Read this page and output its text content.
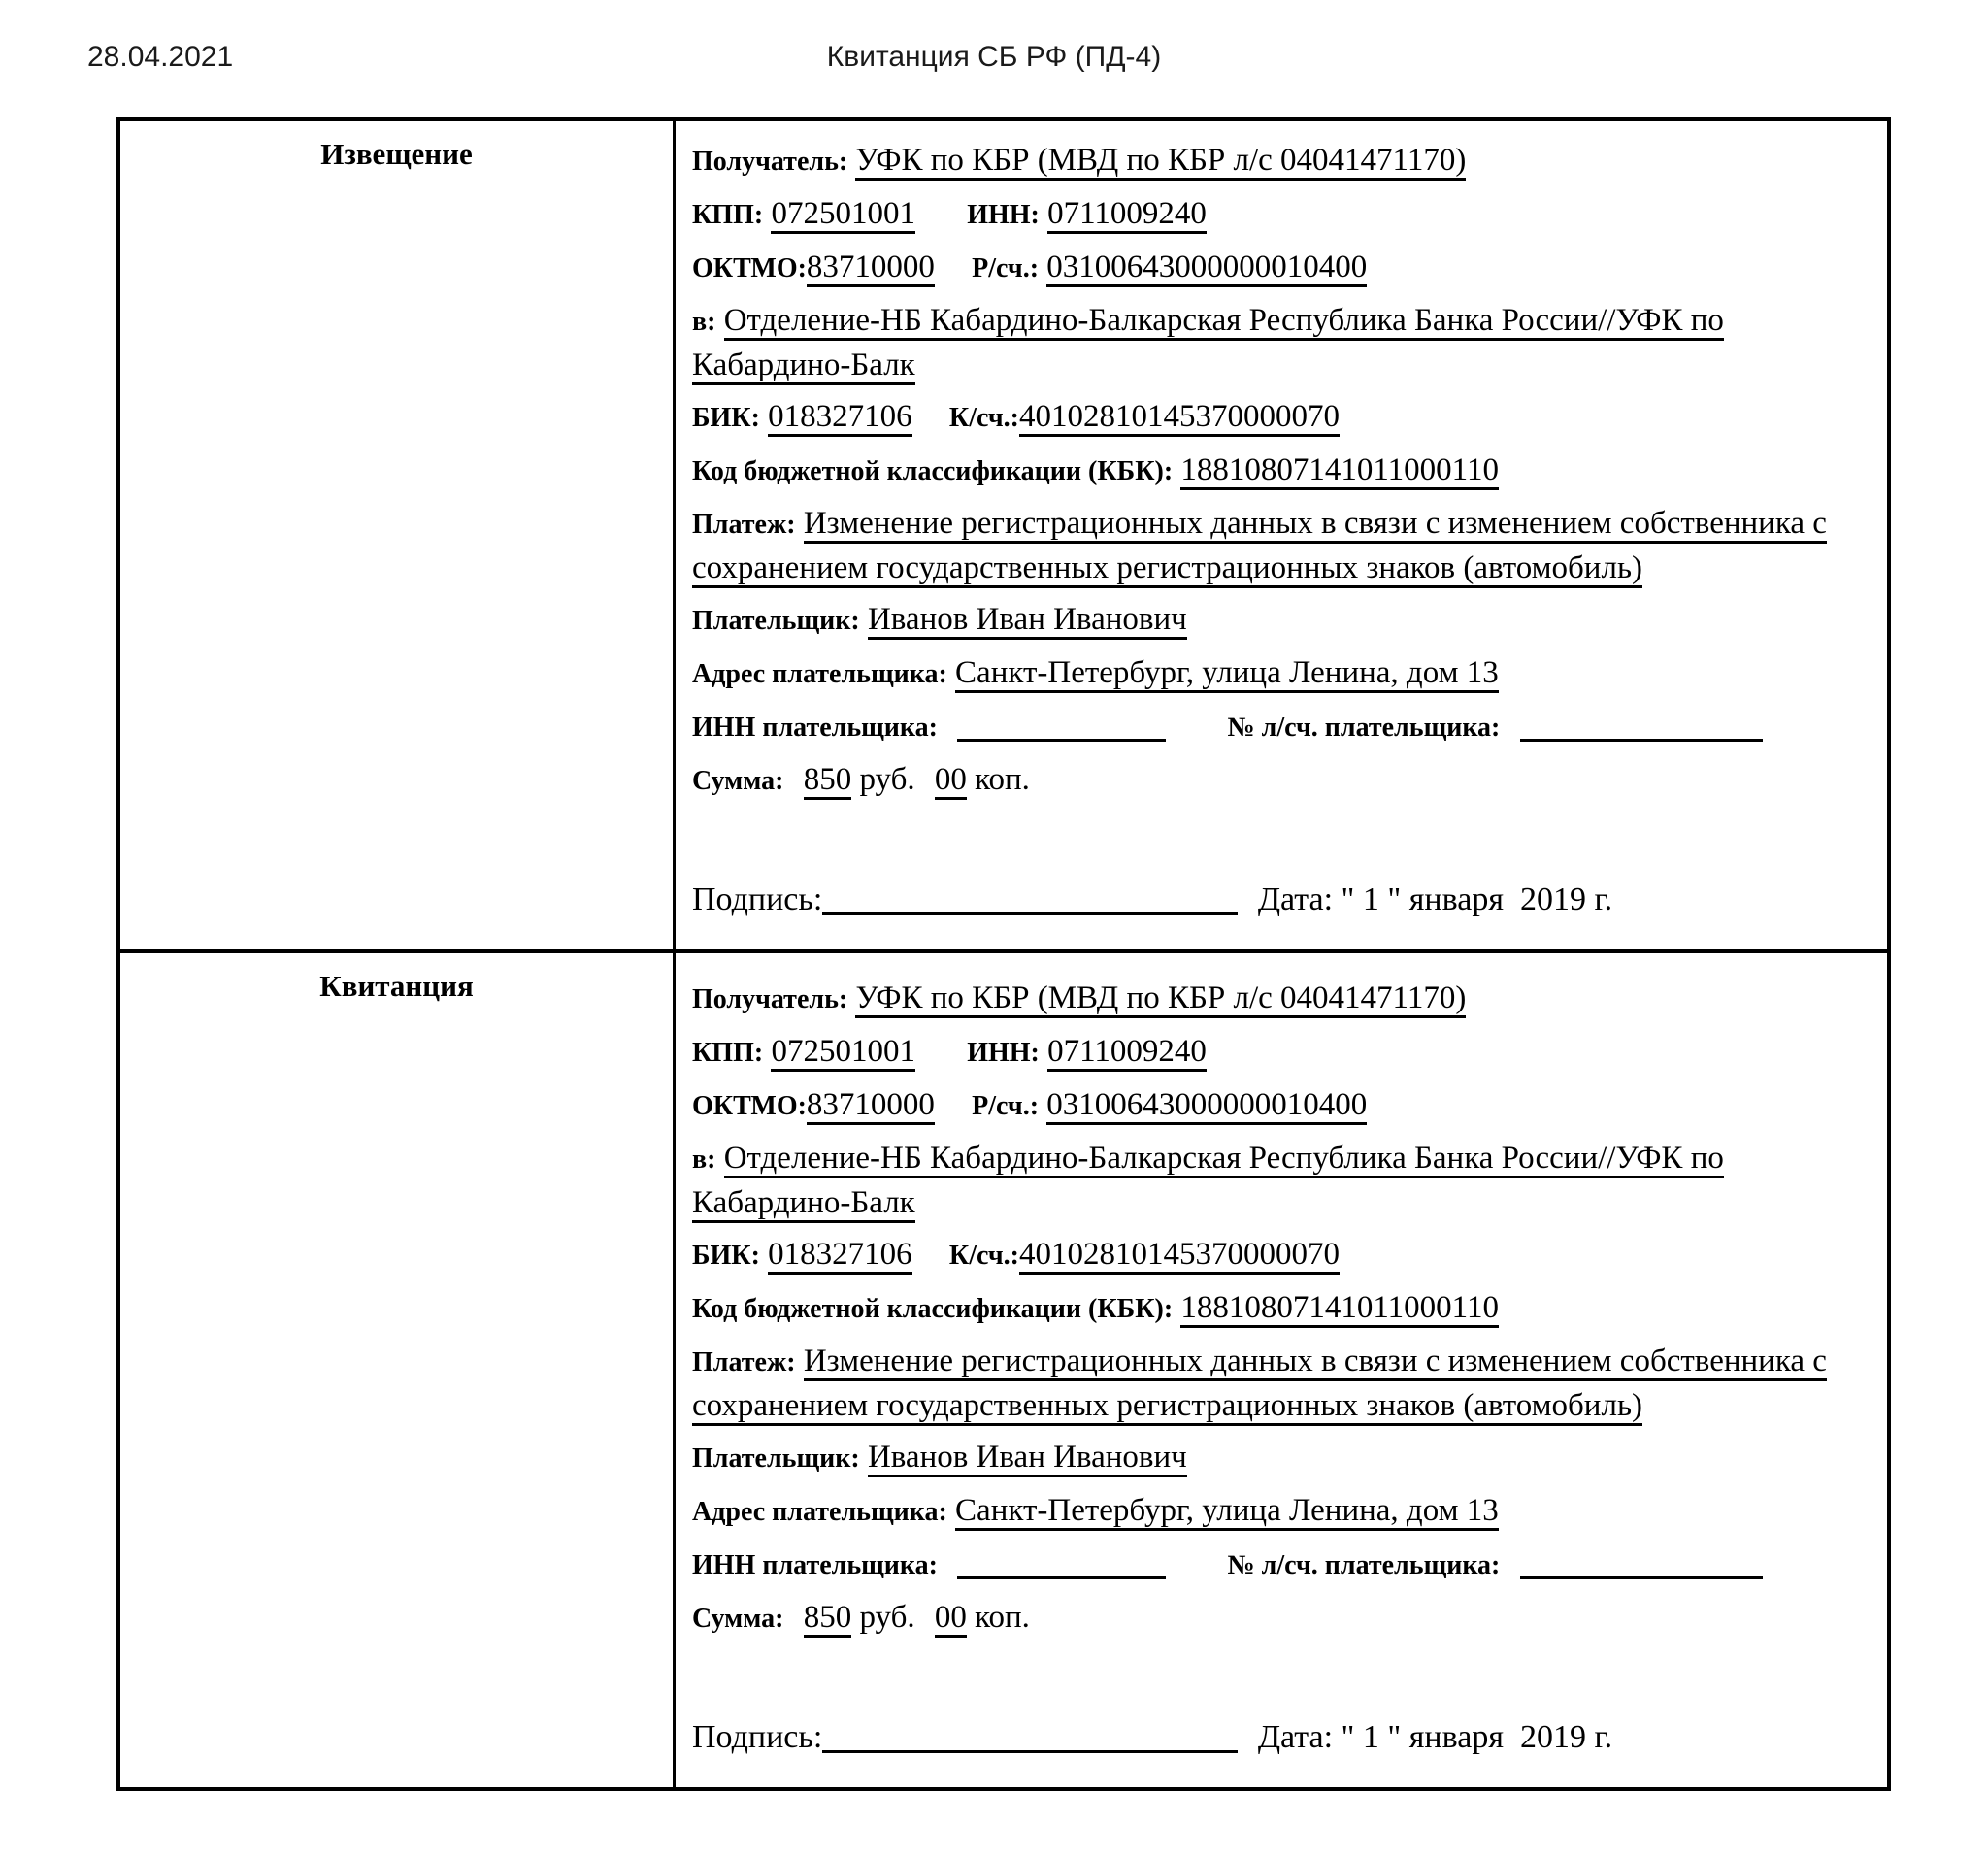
28.04.2021	Квитанция СБ РФ (ПД-4)
Извещение	Получатель: УФК по КБР (МВД по КБР л/с 04041471170)
КПП: 072501001 ИНН: 0711009240
ОКТМО:83710000 Р/сч.: 03100643000000010400
в: Отделение-НБ Кабардино-Балкарская Республика Банка России//УФК по Кабардино-Балк
БИК: 018327106 К/сч.:40102810145370000070
Код бюджетной классификации (КБК): 18810807141011000110
Платеж: Изменение регистрационных данных в связи с изменением собственника с сохранением государственных регистрационных знаков (автомобиль)
Плательщик: Иванов Иван Иванович
Адрес плательщика: Санкт-Петербург, улица Ленина, дом 13
ИНН плательщика:	№ л/сч. плательщика:
Сумма: 850 руб. 00 коп.
Подпись:	Дата: " 1 " января  2019 г.
Квитанция	Получатель: УФК по КБР (МВД по КБР л/с 04041471170)
КПП: 072501001 ИНН: 0711009240
ОКТМО:83710000 Р/сч.: 03100643000000010400
в: Отделение-НБ Кабардино-Балкарская Республика Банка России//УФК по Кабардино-Балк
БИК: 018327106 К/сч.:40102810145370000070
Код бюджетной классификации (КБК): 18810807141011000110
Платеж: Изменение регистрационных данных в связи с изменением собственника с сохранением государственных регистрационных знаков (автомобиль)
Плательщик: Иванов Иван Иванович
Адрес плательщика: Санкт-Петербург, улица Ленина, дом 13
ИНН плательщика:	№ л/сч. плательщика:
Сумма: 850 руб. 00 коп.
Подпись:	Дата: " 1 " января  2019 г.
